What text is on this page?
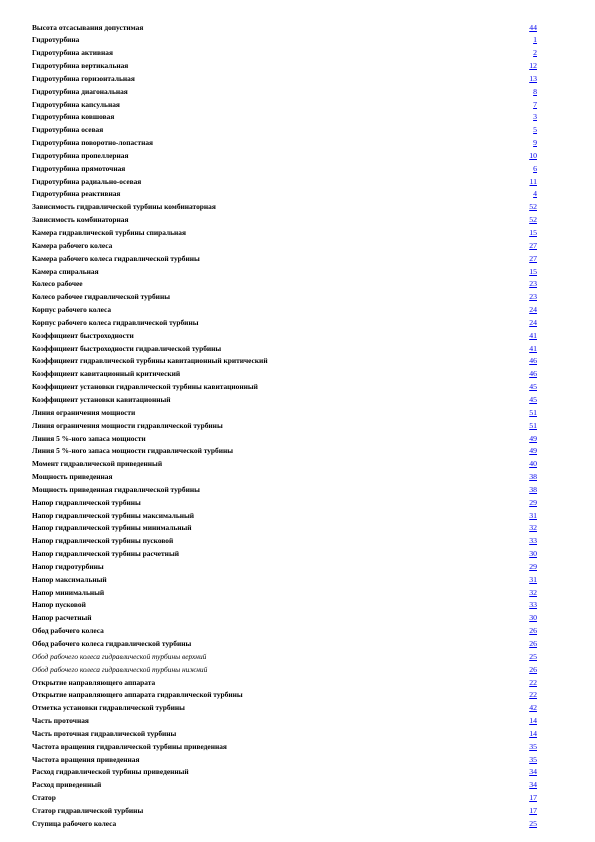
Высота отсасывания допустимая	44
Гидротурбина	1
Гидротурбина активная	2
Гидротурбина вертикальная	12
Гидротурбина горизонтальная	13
Гидротурбина диагональная	8
Гидротурбина капсульная	7
Гидротурбина ковшовая	3
Гидротурбина осевая	5
Гидротурбина поворотно-лопастная	9
Гидротурбина пропеллерная	10
Гидротурбина прямоточная	6
Гидротурбина радиально-осевая	11
Гидротурбина реактивная	4
Зависимость гидравлической турбины комбинаторная	52
Зависимость комбинаторная	52
Камера гидравлической турбины спиральная	15
Камера рабочего колеса	27
Камера рабочего колеса гидравлической турбины	27
Камера спиральная	15
Колесо рабочее	23
Колесо рабочее гидравлической турбины	23
Корпус рабочего колеса	24
Корпус рабочего колеса гидравлической турбины	24
Коэффициент быстроходности	41
Коэффициент быстроходности гидравлической турбины	41
Коэффициент гидравлической турбины кавитационный критический	46
Коэффициент кавитационный критический	46
Коэффициент установки гидравлической турбины кавитационный	45
Коэффициент установки кавитационный	45
Линия ограничения мощности	51
Линия ограничения мощности гидравлической турбины	51
Линия 5 %-ного запаса мощности	49
Линия 5 %-ного запаса мощности гидравлической турбины	49
Момент гидравлической приведенный	40
Мощность приведенная	38
Мощность приведенная гидравлической турбины	38
Напор гидравлической турбины	29
Напор гидравлической турбины максимальный	31
Напор гидравлической турбины минимальный	32
Напор гидравлической турбины пусковой	33
Напор гидравлической турбины расчетный	30
Напор гидротурбины	29
Напор максимальный	31
Напор минимальный	32
Напор пусковой	33
Напор расчетный	30
Обод рабочего колеса	26
Обод рабочего колеса гидравлической турбины	26
Обод рабочего колеса гидравлической турбины верхний	25
Обод рабочего колеса гидравлической турбины нижний	26
Открытие направляющего аппарата	22
Открытие направляющего аппарата гидравлической турбины	22
Отметка установки гидравлической турбины	42
Часть проточная	14
Часть проточная гидравлической турбины	14
Частота вращения гидравлической турбины приведенная	35
Частота вращения приведенная	35
Расход гидравлической турбины приведенный	34
Расход приведенный	34
Статор	17
Статор гидравлической турбины	17
Ступица рабочего колеса	25
